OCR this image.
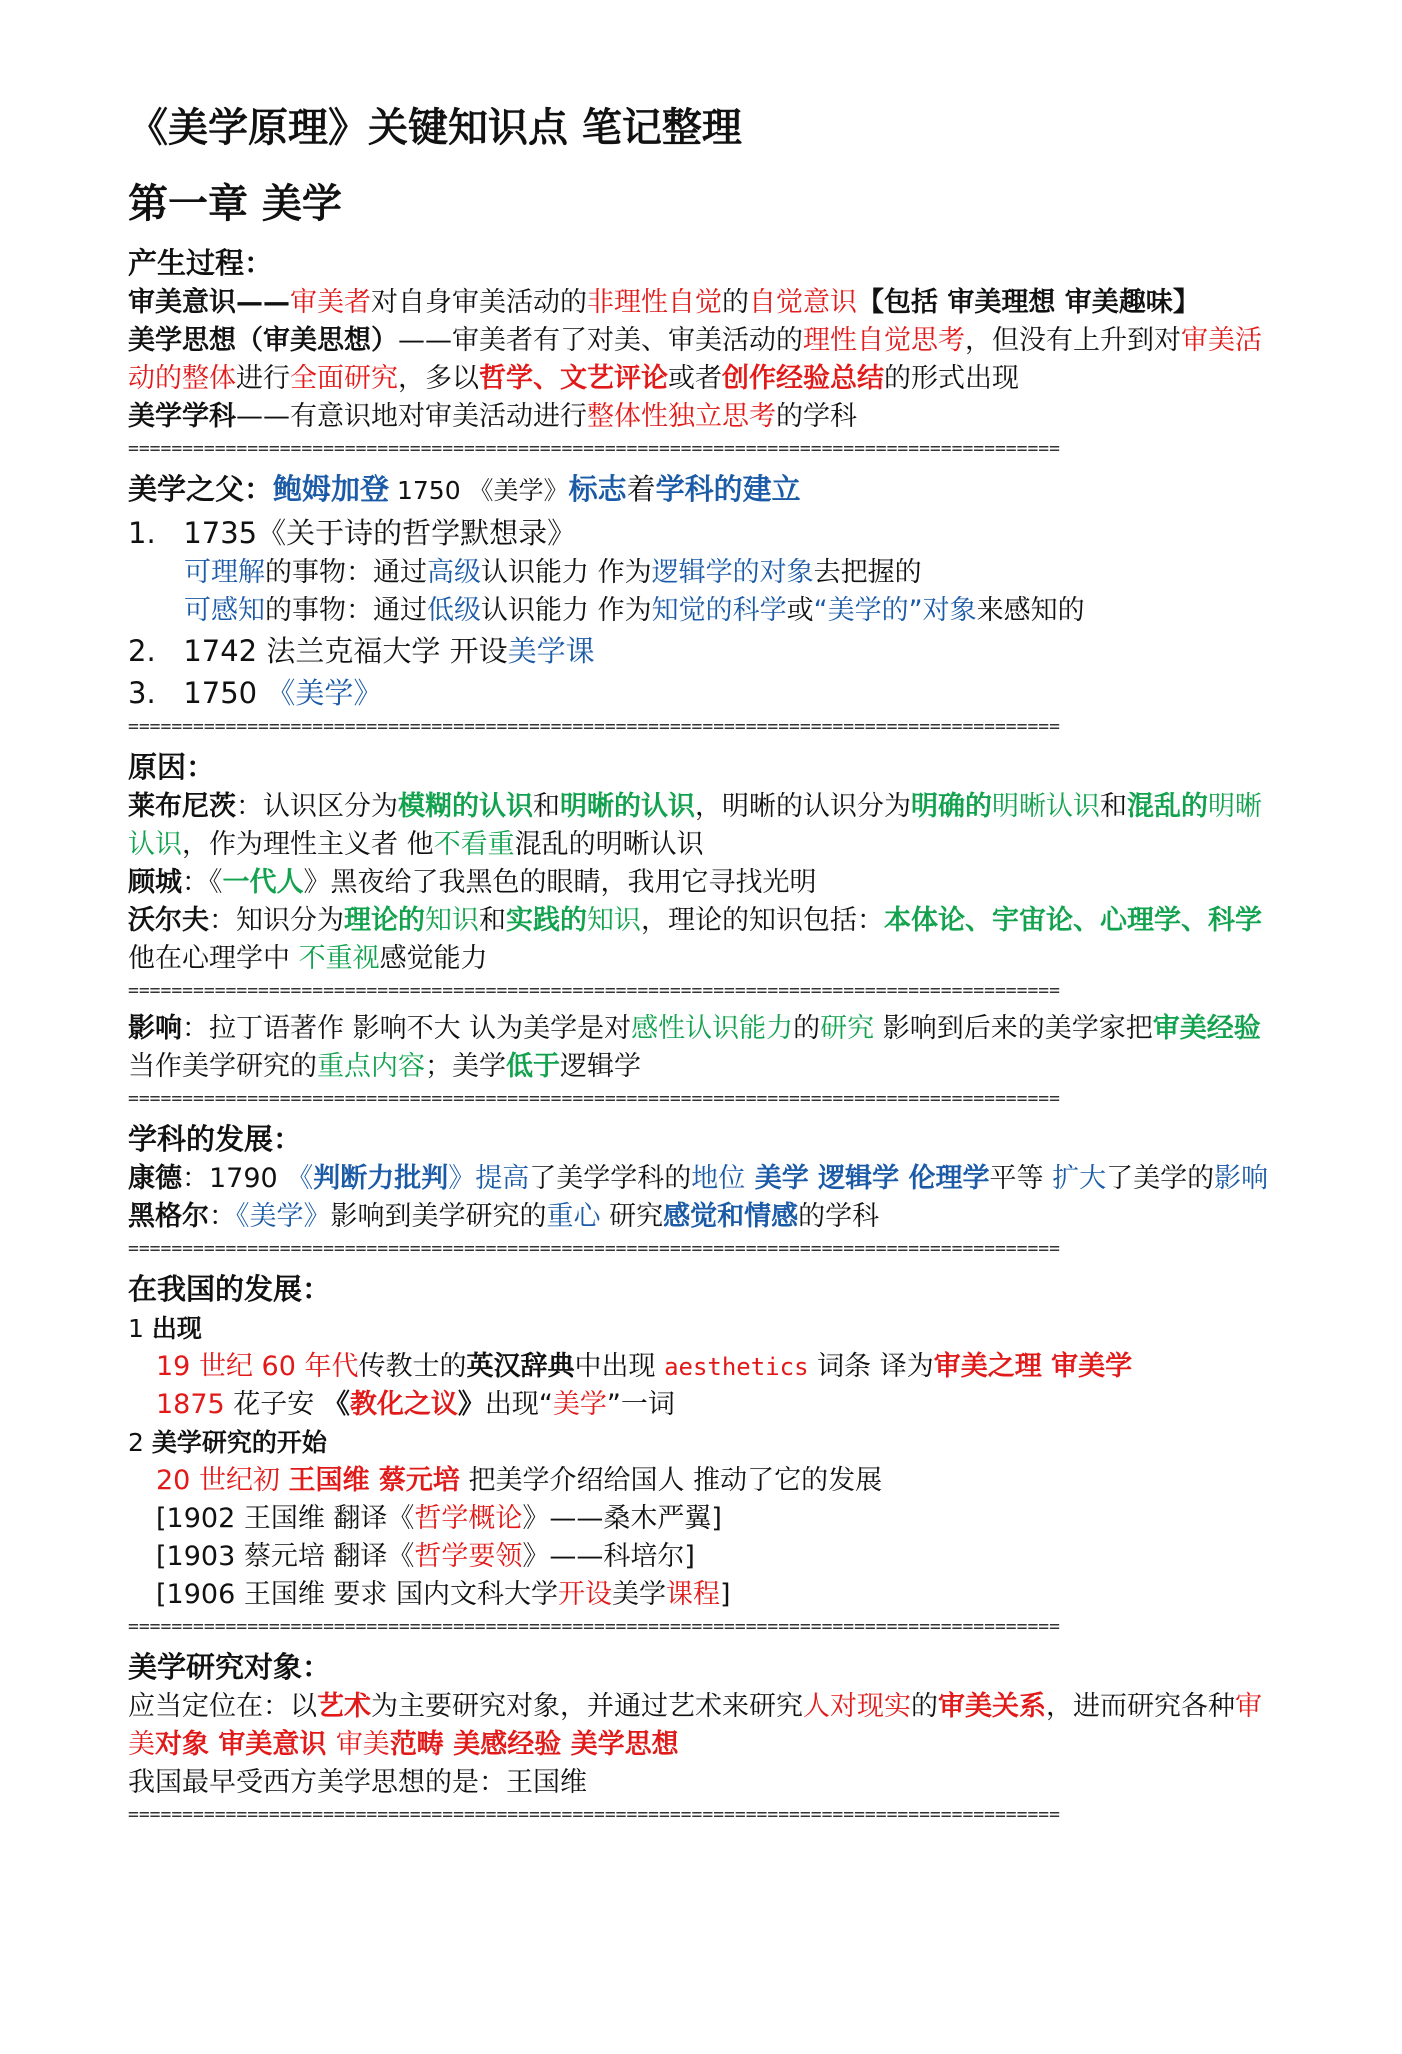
《美学原理》关键知识点 笔记整理
第一章 美学
产生过程：

审美意识——审美者对自身审美活动的非理性自觉的自觉意识【包括 审美理想 审美趣味】

美学思想（审美思想）——审美者有了对美、审美活动的理性自觉思考，但没有上升到对审美活动的整体进行全面研究，多以哲学、文艺评论或者创作经验总结的形式出现

美学学科——有意识地对审美活动进行整体性独立思考的学科

======================================================================================
美学之父：鲍姆加登 1750 《美学》标志着学科的建立
1. 1735《关于诗的哲学默想录》

可理解的事物：通过高级认识能力 作为逻辑学的对象去把握的

可感知的事物：通过低级认识能力 作为知觉的科学或“美学的”对象来感知的

2. 1742 法兰克福大学 开设美学课
3. 1750 《美学》
======================================================================================
原因：

莱布尼茨：认识区分为模糊的认识和明晰的认识，明晰的认识分为明确的明晰认识和混乱的明晰认识，作为理性主义者 他不看重混乱的明晰认识

顾城：《一代人》黑夜给了我黑色的眼睛，我用它寻找光明

沃尔夫：知识分为理论的知识和实践的知识，理论的知识包括：本体论、宇宙论、心理学、科学 他在心理学中 不重视感觉能力

======================================================================================

影响：拉丁语著作 影响不大 认为美学是对感性认识能力的研究 影响到后来的美学家把审美经验当作美学研究的重点内容；美学低于逻辑学

======================================================================================
学科的发展：

康德：1790 《判断力批判》提高了美学学科的地位 美学 逻辑学 伦理学平等 扩大了美学的影响

黑格尔：《美学》影响到美学研究的重心 研究感觉和情感的学科

======================================================================================
在我国的发展：

1 出现

19 世纪 60 年代传教士的英汉辞典中出现 aesthetics 词条 译为审美之理 审美学

1875 花子安 《教化之议》出现“美学”一词

2 美学研究的开始

20 世纪初 王国维 蔡元培 把美学介绍给国人 推动了它的发展

[1902 王国维 翻译《哲学概论》——桑木严翼]

[1903 蔡元培 翻译《哲学要领》——科培尔]

[1906 王国维 要求 国内文科大学开设美学课程]

======================================================================================
美学研究对象：

应当定位在：以艺术为主要研究对象，并通过艺术来研究人对现实的审美关系，进而研究各种审美对象 审美意识 审美范畴 美感经验 美学思想

我国最早受西方美学思想的是：王国维

======================================================================================
